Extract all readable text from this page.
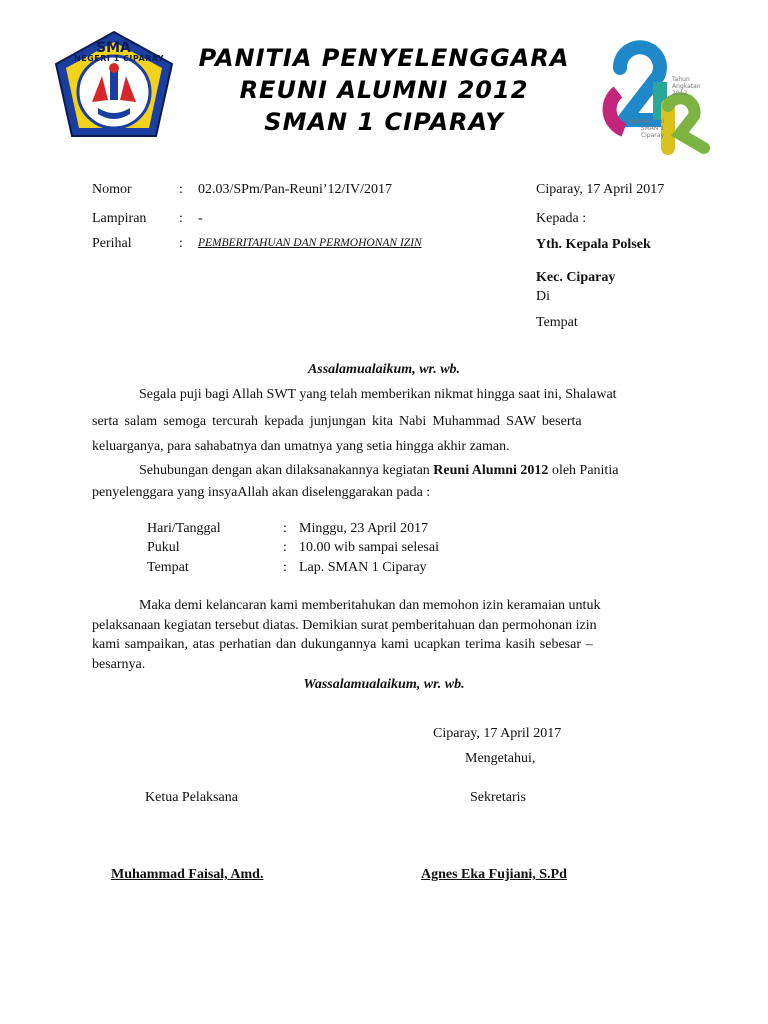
SMA
NEGERI 1 CIPARAY	PANITIA PENYELENGGARA
REUNI ALUMNI 2012
SMAN 1 CIPARAY
Tahun Angkatan 2012
Reuni Alumni SMAN 1 Ciparay
Nomor	: 02.03/SPm/Pan-Reuni’12/IV/2017
Lampiran : -
Perihal	: PEMBERITAHUAN DAN PERMOHONAN IZIN
Ciparay, 17 April 2017
Kepada :
Yth. Kepala Polsek
Kec. Ciparay
Di
Tempat
Assalamualaikum, wr. wb.
Segala puji bagi Allah SWT yang telah memberikan nikmat hingga saat ini, Shalawat
serta salam semoga tercurah kepada junjungan kita Nabi Muhammad SAW beserta
keluarganya, para sahabatnya dan umatnya yang setia hingga akhir zaman.
Sehubungan dengan akan dilaksanakannya kegiatan Reuni Alumni 2012 oleh Panitia
penyelenggara yang insyaAllah akan diselenggarakan pada :
Hari/Tanggal	: Minggu, 23 April 2017
Pukul	: 10.00 wib sampai selesai
Tempat	: Lap. SMAN 1 Ciparay
Maka demi kelancaran kami memberitahukan dan memohon izin keramaian untuk
pelaksanaan kegiatan tersebut diatas. Demikian surat pemberitahuan dan permohonan izin
kami sampaikan, atas perhatian dan dukungannya kami ucapkan terima kasih sebesar –
besarnya.
Wassalamualaikum, wr. wb.
Ciparay, 17 April 2017
Mengetahui,
Ketua Pelaksana	Sekretaris
Muhammad Faisal, Amd.	Agnes Eka Fujiani, S.Pd
